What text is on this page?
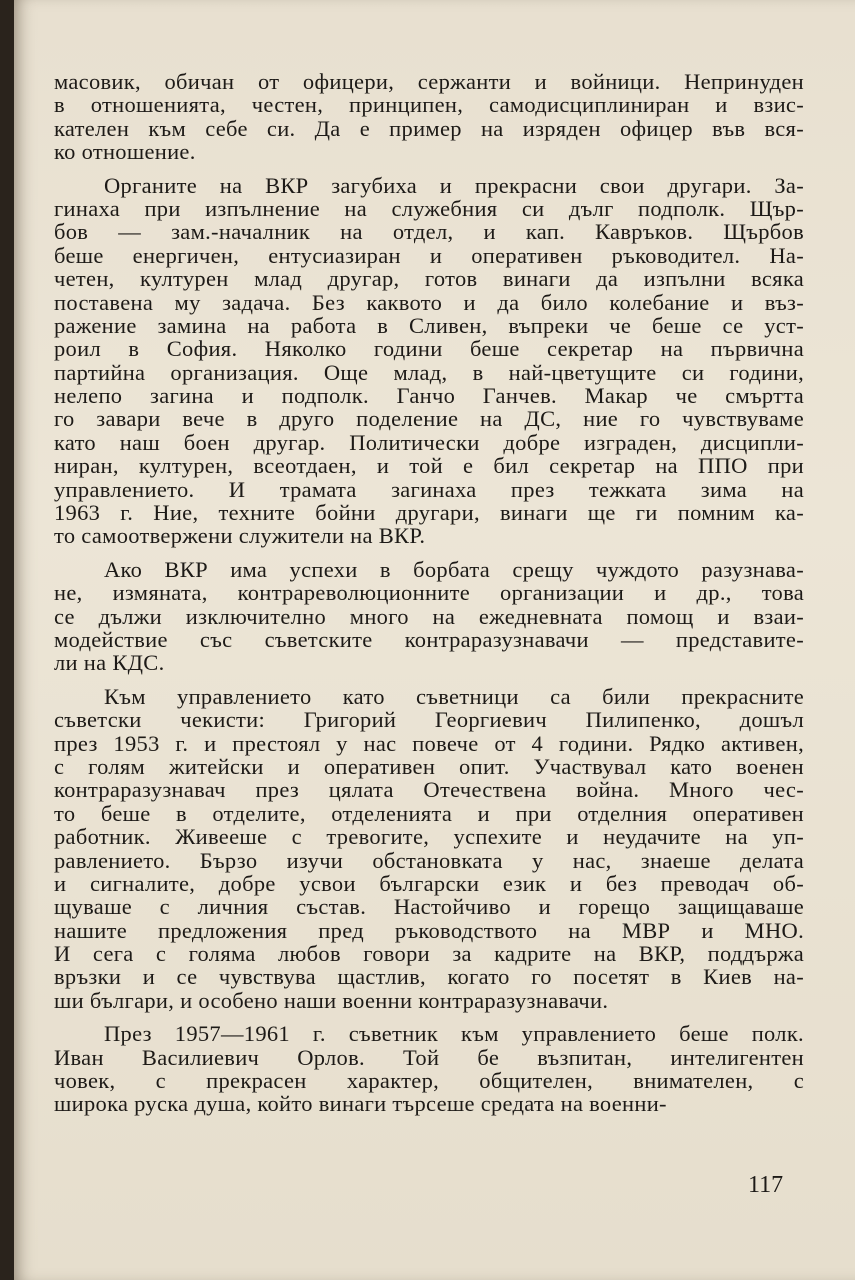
масовик, обичан от офицери, сержанти и войници. Непринуден
в отношенията, честен, принципен, самодисциплиниран и взис-
кателен към себе си. Да е пример на изряден офицер във вся-
ко отношение.
Органите на ВКР загубиха и прекрасни свои другари. За-
гинаха при изпълнение на служебния си дълг подполк. Щър-
бов — зам.-началник на отдел, и кап. Кавръков. Щърбов
беше енергичен, ентусиазиран и оперативен ръководител. На-
четен, културен млад другар, готов винаги да изпълни всяка
поставена му задача. Без каквото и да било колебание и въз-
ражение замина на работа в Сливен, въпреки че беше се уст-
роил в София. Няколко години беше секретар на първична
партийна организация. Още млад, в най-цветущите си години,
нелепо загина и подполк. Ганчо Ганчев. Макар че смъртта
го завари вече в друго поделение на ДС, ние го чувствуваме
като наш боен другар. Политически добре изграден, дисципли-
ниран, културен, всеотдаен, и той е бил секретар на ППО при
управлението. И трамата загинаха през тежката зима на
1963 г. Ние, техните бойни другари, винаги ще ги помним ка-
то самоотвержени служители на ВКР.
Ако ВКР има успехи в борбата срещу чуждото разузнава-
не, измяната, контрареволюционните организации и др., това
се дължи изключително много на ежедневната помощ и взаи-
модействие със съветските контраразузнавачи — представите-
ли на КДС.
Към управлението като съветници са били прекрасните
съветски чекисти: Григорий Георгиевич Пилипенко, дошъл
през 1953 г. и престоял у нас повече от 4 години. Рядко активен,
с голям житейски и оперативен опит. Участвувал като военен
контраразузнавач през цялата Отечествена война. Много чес-
то беше в отделите, отделенията и при отделния оперативен
работник. Живееше с тревогите, успехите и неудачите на уп-
равлението. Бързо изучи обстановката у нас, знаеше делата
и сигналите, добре усвои български език и без преводач об-
щуваше с личния състав. Настойчиво и горещо защищаваше
нашите предложения пред ръководството на МВР и МНО.
И сега с голяма любов говори за кадрите на ВКР, поддържа
връзки и се чувствува щастлив, когато го посетят в Киев на-
ши българи, и особено наши военни контраразузнавачи.
През 1957—1961 г. съветник към управлението беше полк.
Иван Василиевич Орлов. Той бе възпитан, интелигентен
човек, с прекрасен характер, общителен, внимателен, с
широка руска душа, който винаги търсеше средата на военни-
117
